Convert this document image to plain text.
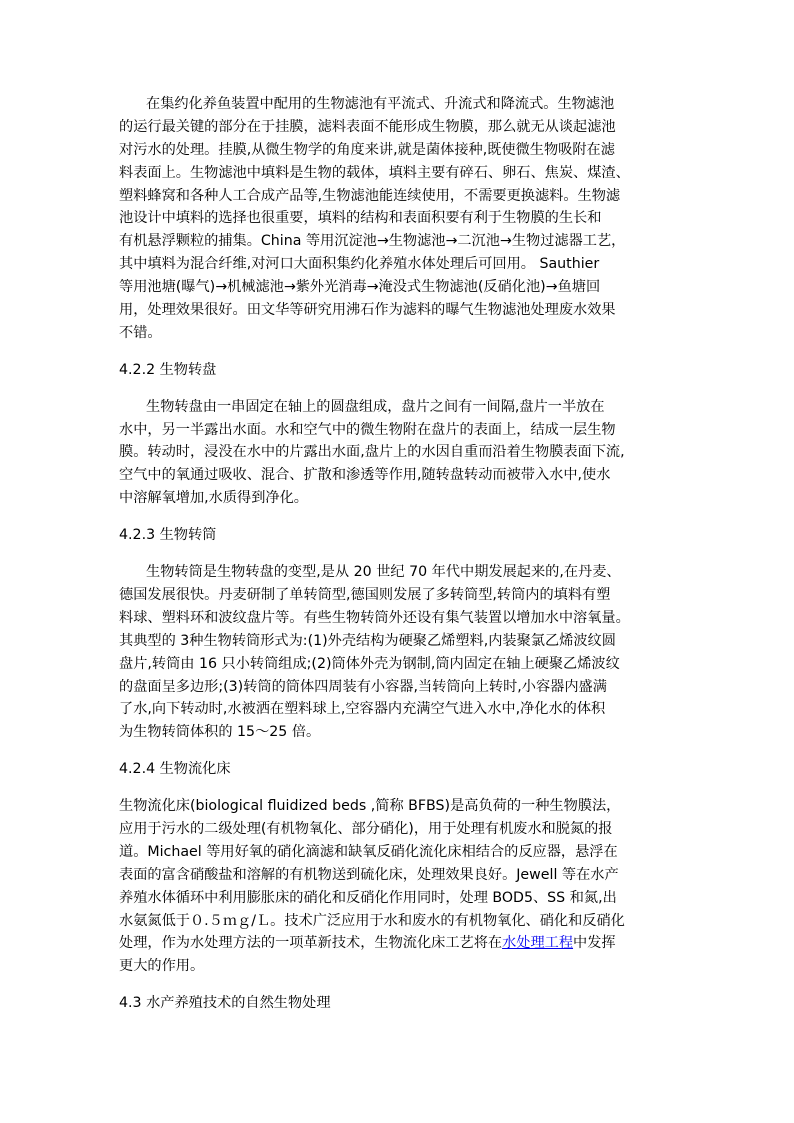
在集约化养鱼装置中配用的生物滤池有平流式、升流式和降流式。生物滤池
的运行最关键的部分在于挂膜，滤料表面不能形成生物膜，那么就无从谈起滤池
对污水的处理。挂膜,从微生物学的角度来讲,就是菌体接种,既使微生物吸附在滤
料表面上。生物滤池中填料是生物的载体，填料主要有碎石、卵石、焦炭、煤渣、
塑料蜂窝和各种人工合成产品等,生物滤池能连续使用，不需要更换滤料。生物滤
池设计中填料的选择也很重要，填料的结构和表面积要有利于生物膜的生长和
有机悬浮颗粒的捕集。China 等用沉淀池→生物滤池→二沉池→生物过滤器工艺，
其中填料为混合纤维,对河口大面积集约化养殖水体处理后可回用。 Sauthier
等用池塘(曝气)→机械滤池→紫外光消毒→淹没式生物滤池(反硝化池)→鱼塘回
用，处理效果很好。田文华等研究用沸石作为滤料的曝气生物滤池处理废水效果
不错。
4.2.2 生物转盘
生物转盘由一串固定在轴上的圆盘组成，盘片之间有一间隔,盘片一半放在
水中，另一半露出水面。水和空气中的微生物附在盘片的表面上，结成一层生物
膜。转动时，浸没在水中的片露出水面,盘片上的水因自重而沿着生物膜表面下流,
空气中的氧通过吸收、混合、扩散和渗透等作用,随转盘转动而被带入水中,使水
中溶解氧增加,水质得到净化。
4.2.3 生物转筒
生物转筒是生物转盘的变型,是从 20 世纪 70 年代中期发展起来的,在丹麦、
德国发展很快。丹麦研制了单转筒型,德国则发展了多转筒型,转筒内的填料有塑
料球、塑料环和波纹盘片等。有些生物转筒外还设有集气装置以增加水中溶氧量。
其典型的 3种生物转筒形式为:(1)外壳结构为硬聚乙烯塑料,内装聚氯乙烯波纹圆
盘片,转筒由 16 只小转筒组成;(2)筒体外壳为钢制,筒内固定在轴上硬聚乙烯波纹
的盘面呈多边形;(3)转筒的筒体四周装有小容器,当转筒向上转时,小容器内盛满
了水,向下转动时,水被洒在塑料球上,空容器内充满空气进入水中,净化水的体积
为生物转筒体积的 15～25 倍。
4.2.4 生物流化床
生物流化床(biological fluidized beds ,简称 BFBS)是高负荷的一种生物膜法，
应用于污水的二级处理(有机物氧化、部分硝化)，用于处理有机废水和脱氮的报
道。Michael 等用好氧的硝化滴滤和缺氧反硝化流化床相结合的反应器，悬浮在
表面的富含硝酸盐和溶解的有机物送到硫化床，处理效果良好。Jewell 等在水产
养殖水体循环中利用膨胀床的硝化和反硝化作用同时，处理 BOD5、SS 和氮,出
水氨氮低于０.５ｍｇ/Ｌ。技术广泛应用于水和废水的有机物氧化、硝化和反硝化
处理，作为水处理方法的一项革新技术，生物流化床工艺将在水处理工程中发挥
更大的作用。
4.3 水产养殖技术的自然生物处理
